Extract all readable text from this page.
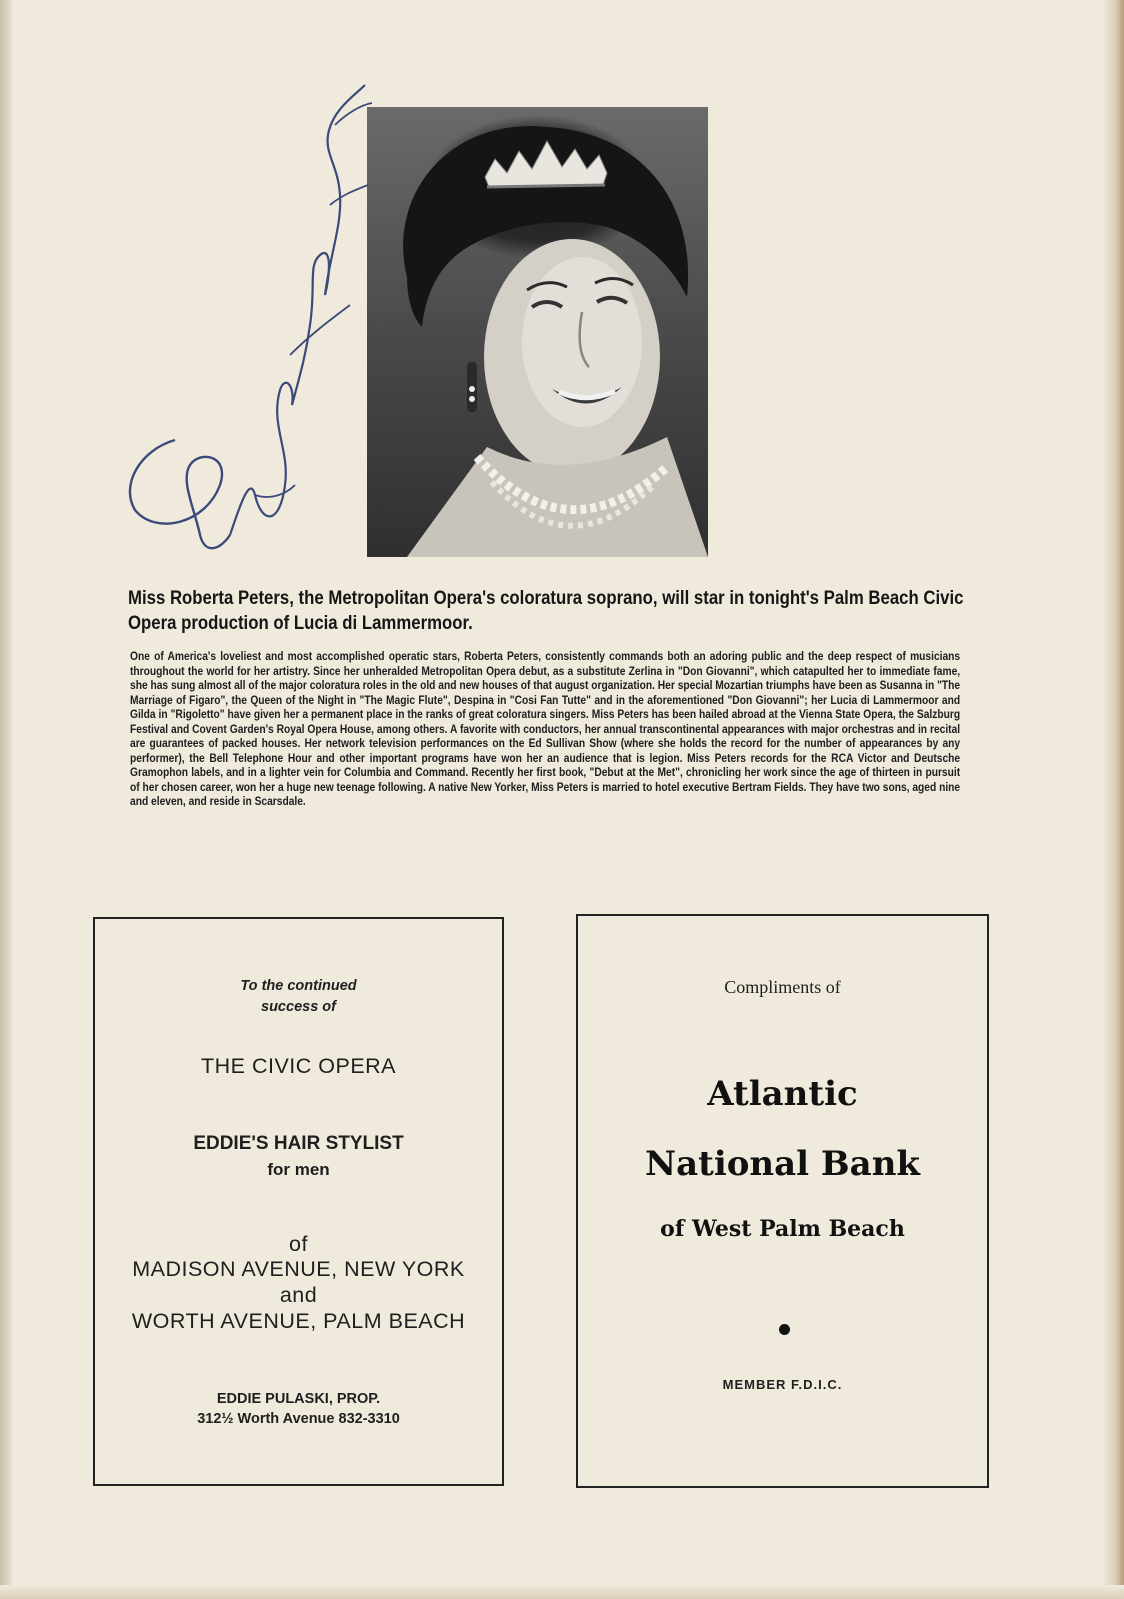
Miss Roberta Peters, the Metropolitan Opera's coloratura soprano, will star in tonight's Palm Beach Civic Opera production of Lucia di Lammermoor.
One of America's loveliest and most accomplished operatic stars, Roberta Peters, consistently commands both an adoring public and the deep respect of musicians throughout the world for her artistry. Since her unheralded Metropolitan Opera debut, as a substitute Zerlina in "Don Giovanni", which catapulted her to immediate fame, she has sung almost all of the major coloratura roles in the old and new houses of that august organization. Her special Mozartian triumphs have been as Susanna in "The Marriage of Figaro", the Queen of the Night in "The Magic Flute", Despina in "Cosi Fan Tutte" and in the aforementioned "Don Giovanni"; her Lucia di Lammermoor and Gilda in "Rigoletto" have given her a permanent place in the ranks of great coloratura singers. Miss Peters has been hailed abroad at the Vienna State Opera, the Salzburg Festival and Covent Garden's Royal Opera House, among others. A favorite with conductors, her annual transcontinental appearances with major orchestras and in recital are guarantees of packed houses. Her network television performances on the Ed Sullivan Show (where she holds the record for the number of appearances by any performer), the Bell Telephone Hour and other important programs have won her an audience that is legion. Miss Peters records for the RCA Victor and Deutsche Gramophon labels, and in a lighter vein for Columbia and Command. Recently her first book, "Debut at the Met", chronicling her work since the age of thirteen in pursuit of her chosen career, won her a huge new teenage following. A native New Yorker, Miss Peters is married to hotel executive Bertram Fields. They have two sons, aged nine and eleven, and reside in Scarsdale.
To the continued
success of
THE CIVIC OPERA
EDDIE'S HAIR STYLIST
for men
of
MADISON AVENUE, NEW YORK
and
WORTH AVENUE, PALM BEACH
EDDIE PULASKI, PROP.
312½ Worth Avenue 832-3310
Compliments of
Atlantic
National Bank
of West Palm Beach
MEMBER F.D.I.C.
